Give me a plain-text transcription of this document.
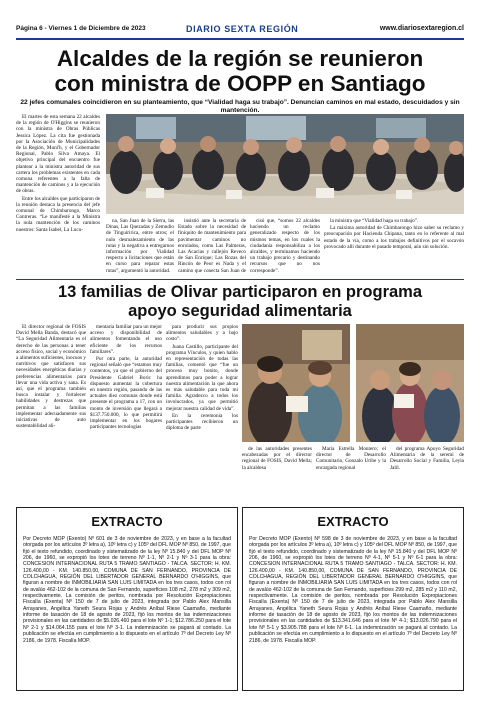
Página 6 - Viernes 1 de Diciembre de 2023	DIARIO SEXTA REGIÓN	www.diariosextaregion.cl
Alcaldes de la región se reunieron
con ministra de OOPP en Santiago
22 jefes comunales coincidieron en su planteamiento, que “Vialidad haga su trabajo”. Denuncian caminos en mal estado, descuidados y sin mantención.

El martes de esta semana 22 alcaldes de la región de O'Higgins se reunieron con la ministra de Obras Públicas Jessica López. La cita fue gestionada por la Asociación de Municipalidades de la Región, Muni'h, y el Gobernador Regional, Pablo Silva Amaya. El objetivo principal del encuentro fue plantear a la ministra autoridad de sus cartera los problemas existentes en cada comuna referentes a la falta de mantención de caminos y a la ejecución de obras.

Entre los alcaldes que participaron de la reunión destaca la presencia del jefe comunal de Chimbarongo, Marco Contreras. “Le manifesté a la Ministra la nula mantención de los caminos nuestros: Santa Isabel, La Lucu-

na, San Juan de la Sierra, las Dinas, Las Quezadas y Zemudio de Tinguiririca, entre otros; el nulo desmalezamiento de las rutas y la negativa a entregarnos información por Vialidad respecto a licitaciones que están en curso para reparar estas rutas”, argumentó la autoridad.

insistió ante la secretaria de Estado sobre la necesidad de finiquito de mantenimiento para pavimentar caminos no enrolados, como Las Palmeras, Las Acacias y callejón Reveco de San Enrique; Las Rozas del Rincón de Peor es Nada y el camino que conecta San Juan de

cisó que, “somos 22 alcaldes haciendo un reclamo generalizado respecto de los mismos temas, en los cuales la ciudadanía responsabiliza a los alcaldes, y terminamos haciendo un trabajo precario y destinando recursos que no nos corresponde”.

la ministra que “Vialidad haga su trabajo”.

La máxima autoridad de Chimbarongo hizo saber su reclamo y preocupación por Hacienda Chipana, tanto en lo referente al mal estado de la vía, como a los trabajos definitivos por el socavón provocado allí durante el pasado temporal, aún sin solución.

13 familias de Olivar participaron en programa
apoyo seguridad alimentaria

El director regional de FOSIS David Mella Banda, destacó que “La Seguridad Alimentaria es el derecho de las personas a tener acceso físico, social y económico a alimentos suficientes, inocuos y nutritivos que satisfacen sus necesidades energéticas diarias y preferencias alimentarias para llevar una vida activa y sana. Es así, que el programa también busca instalar y fortalecer habilidades y destrezas que permitan a las familias implementar adecuadamente sus iniciativas de auto sustentabilidad ali-

mentaria familiar para un mejor acceso y disponibilidad de alimentos fomentando el uso eficiente de los recursos familiares”.

Por otra parte, la autoridad regional señaló que “estamos muy contentos, ya que el gobierno del Presidente Gabriel Boric ha dispuesto aumentar la cobertura en nuestra región, pasando de las actuales diez comunas donde está presente el programa a 17, con un monto de inversión que llegará a $137.750.000, lo que permitirá implementar en los hogares participantes tecnologías

para producir sus propios alimentos saludables y a bajo costo”.

Juana Castillo, participante del programa Vínculos, y quien hablo en representación de todas las familias, comentó que “fue un proceso muy bonito, donde aprendimos para poder a lograr nuestra alimentación la que ahora es más saludable para toda mi familia. Agradezco a todos los involucrados, ya que permitió mejorar nuestra calidad de vida”.

En la ceremonia los participantes recibieron un diploma de parte

de las autoridades presentes encabezadas por el director regional de FOSIS, David Mella; la alcaldesa

María Estrella Montero; el director de Desarrollo Comunitario, Gonzalo Uribe y la encargada regional

del programa Apoyo Seguridad Alimentaria de la seremi de Desarrollo Social y Familia, Leyla Jalil.

EXTRACTO
Por Decreto MOP (Exento) Nº 601 de 3 de noviembre de 2023, y en base a la facultad otorgada por los artículos 3º letra a), 10º letra c) y 105º del DFL MOP Nº 850, de 1997, que fijó el texto refundido, coordinado y sistematizado de la ley Nº 15.840 y del DFL MOP Nº 206, de 1960, se expropió los lotes de terreno Nº 1-1, Nº 2-1 y Nº 3-1 para la obra: CONCESION INTERNACIONAL RUTA 5 TRAMO SANTIAGO - TALCA. SECTOR: H. KM. 126.400,00 - KM. 140.850,00, COMUNA DE SAN FERNANDO, PROVINCIA DE COLCHAGUA, REGIÓN DEL LIBERTADOR GENERAL BERNARDO O'HIGGINS, que figuran a nombre de INMOBILIARIA SAN LUIS LIMITADA en los tres casos, todos con rol de avalúo 462-102 de la comuna de San Fernando, superficies 108 m2, 278 m2 y 309 m2, respectivamente. La comisión de peritos, nombrada por Resolución Expropiaciones Fiscalía (Exenta) Nº 150 de 7 de julio de 2023, integrada por Pablo Alex Mansilla Arrayanes, Angélica Yaneth Seura Rojas y Andrés Aníbal Riese Caamaño, mediante informe de tasación de 18 de agosto de 2023, fijó los montos de las indemnizaciones provisionales en las cantidades de $5.026.460 para el lote Nº 1-1; $12.786.250 para el lote Nº 2-1 y $14.064.155 para el lote Nº 3-1. La indemnización se pagará al contado. La publicación se efectúa en cumplimiento a lo dispuesto en el artículo 7º del Decreto Ley Nº 2186, de 1978. Fiscalía MOP.
EXTRACTO
Por Decreto MOP (Exento) Nº 598 de 3 de noviembre de 2023, y en base a la facultad otorgada por los artículos 3º letra a), 10º letra c) y 105º del DFL MOP Nº 850, de 1997, que fijó el texto refundido, coordinado y sistematizado de la ley Nº 15.840 y del DFL MOP Nº 206, de 1960, se expropió los lotes de terreno Nº 4-1, Nº 5-1 y Nº 6-1 para la obra: CONCESION INTERNACIONAL RUTA 5 TRAMO SANTIAGO - TALCA. SECTOR: H. KM. 126.400,00 - KM. 140.850,00, COMUNA DE SAN FERNANDO, PROVINCIA DE COLCHAGUA, REGIÓN DEL LIBERTADOR GENERAL BERNARDO O'HIGGINS, que figuran a nombre de INMOBILIARIA SAN LUIS LIMITADA en los tres casos, todos con rol de avalúo 462-102 de la comuna de San Fernando, superficies 299 m2, 285 m2 y 110 m2, respectivamente. La comisión de peritos, nombrada por Resolución Expropiaciones Fiscalía (Exenta) Nº 150 de 7 de julio de 2023, integrada por Pablo Alex Mansilla Arrayanes, Angélica Yaneth Seura Rojas y Andrés Aníbal Riese Caamaño, mediante informe de tasación de 18 de agosto de 2023, fijó los montos de las indemnizaciones provisionales en las cantidades de $13.341.646 para el lote Nº 4-1; $13.026.790 para el lote Nº 5-1 y $3.905.788 para el lote Nº 6-1. La indemnización se pagará al contado. La publicación se efectúa en cumplimiento a lo dispuesto en el artículo 7º del Decreto Ley Nº 2186, de 1978. Fiscalía MOP.
